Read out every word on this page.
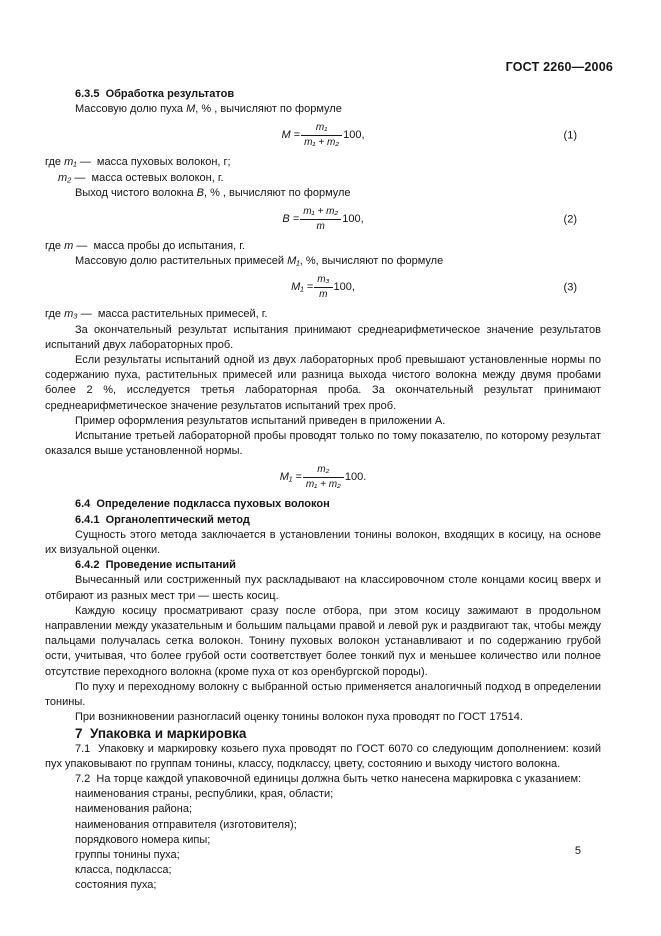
ГОСТ 2260—2006

6.3.5  Обработка результатов

Массовую долю пуха M, % , вычисляют по формуле

$M = \frac{\text{m₁}}{\text{m₁ + m₂}} 100$,	(1)

где m₁ —  масса пуховых волокон, г;

m₂ —  масса остевых волокон, г.

Выход чистого волокна B, % , вычисляют по формуле

$B = \frac{\text{m₁ + m₂}}{m} 100$,	(2)

где m —  масса пробы до испытания, г.

Массовую долю растительных примесей M₁, %, вычисляют по формуле

$M_1 = \frac{\text{m₃}}{m} 100$,	(3)

где m₃ —  масса растительных примесей, г.

За окончательный результат испытания принимают среднеарифметическое значение результатов испытаний двух лабораторных проб.

Если результаты испытаний одной из двух лабораторных проб превышают установленные нормы по содержанию пуха, растительных примесей или разница выхода чистого волокна между двумя пробами более 2 %, исследуется третья лабораторная проба. За окончательный результат принимают среднеарифметическое значение результатов испытаний трех проб.

Пример оформления результатов испытаний приведен в приложении А.

Испытание третьей лабораторной пробы проводят только по тому показателю, по которому результат оказался выше установленной нормы.

$M_1 = \frac{\text{m₂}}{\text{m₁ + m₂}} 100$.

6.4  Определение подкласса пуховых волокон

6.4.1  Органолептический метод

Сущность этого метода заключается в установлении тонины волокон, входящих в косицу, на основе их визуальной оценки.

6.4.2  Проведение испытаний

Вычесанный или состриженный пух раскладывают на классировочном столе концами косиц вверх и отбирают из разных мест три — шесть косиц.

Каждую косицу просматривают сразу после отбора, при этом косицу зажимают в продольном направлении между указательным и большим пальцами правой и левой рук и раздвигают так, чтобы между пальцами получалась сетка волокон. Тонину пуховых волокон устанавливают и по содержанию грубой ости, учитывая, что более грубой ости соответствует более тонкий пух и меньшее количество или полное отсутствие переходного волокна (кроме пуха от коз оренбургской породы).

По пуху и переходному волокну с выбранной остью применяется аналогичный подход в определении тонины.

При возникновении разногласий оценку тонины волокон пуха проводят по ГОСТ 17514.

7  Упаковка и маркировка

7.1  Упаковку и маркировку козьего пуха проводят по ГОСТ 6070 со следующим дополнением: козий пух упаковывают по группам тонины, классу, подклассу, цвету, состоянию и выходу чистого волокна.

7.2  На торце каждой упаковочной единицы должна быть четко нанесена маркировка с указанием:

наименования страны, республики, края, области;

наименования района;

наименования отправителя (изготовителя);

порядкового номера кипы;

группы тонины пуха;

класса, подкласса;

состояния пуха;

5
